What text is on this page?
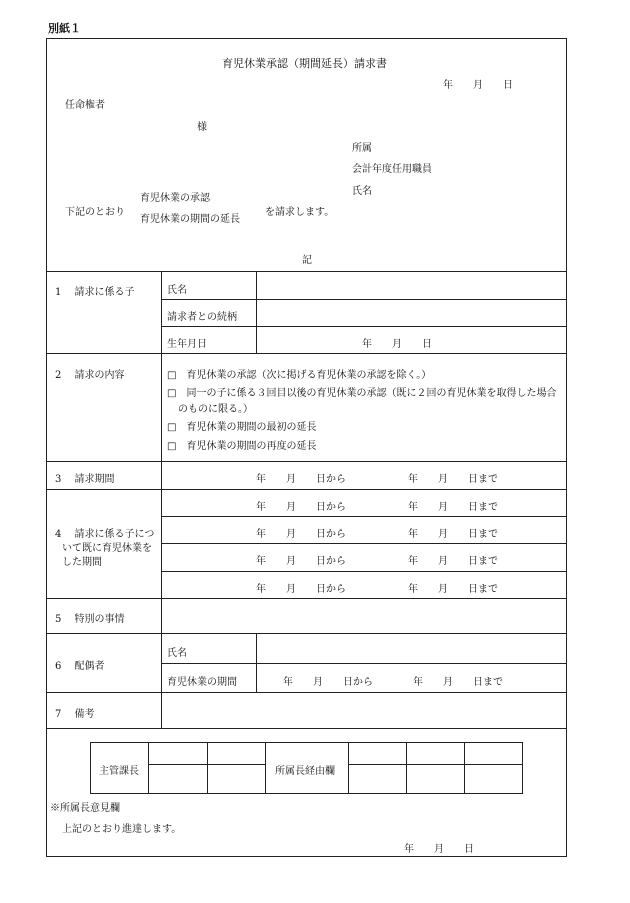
別紙１
育児休業承認（期間延長）請求書
年　　月　　日
任命権者
様
所属
会計年度任用職員
氏名
下記のとおり
育児休業の承認
育児休業の期間の延長
を請求します。
記
1　 請求に係る子	氏名
請求者との続柄
生年月日	年　　月　　日
2　 請求の内容	□　育児休業の承認（次に掲げる育児休業の承認を除く。）
□　同一の子に係る３回目以後の育児休業の承認（既に２回の育児休業を取得した場合
のものに限る。）
□　育児休業の期間の最初の延長
□　育児休業の期間の再度の延長
3　 請求期間	年　　月　　日から	年　　月　　日まで
4　 請求に係る子につ
いて既に育児休業を
した期間
年　　月　　日から	年　　月　　日まで
年　　月　　日から	年　　月　　日まで
年　　月　　日から	年　　月　　日まで
年　　月　　日から	年　　月　　日まで
5　 特別の事情
6　 配偶者
氏名
育児休業の期間	年　　月　　日から	年　　月　　日まで
7　 備考
主管課長	所属長経由欄
※所属長意見欄
上記のとおり進達します。
年　　月　　日
